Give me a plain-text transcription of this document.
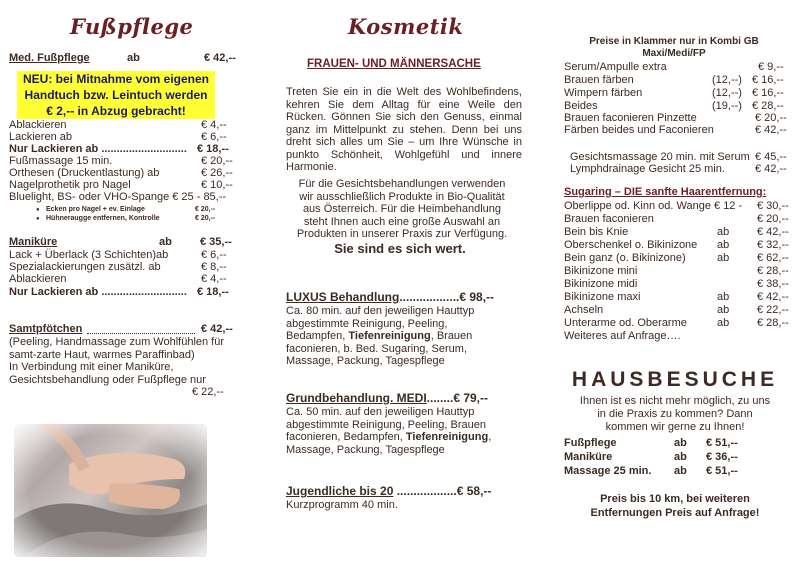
Fußpflege
Med. Fußpflege	ab	€ 42,--
NEU: bei Mitnahme vom eigenen
Handtuch bzw. Leintuch werden
€ 2,-- in Abzug gebracht!
Ablackieren	€ 4,--
Lackieren ab	€ 6,--
Nur Lackieren ab ............................ € 18,--
Fußmassage 15 min.	€ 20,--
Orthesen (Druckentlastung) ab	€ 26,--
Nagelprothetik pro Nagel	€ 10,--
Bluelight, BS- oder VHO-Spange € 25 - 85,--
● Ecken pro Nagel + ev. Einlage	€ 20,--
● Hühneraugge entfernen, Kontrolle	€ 20,--
Maniküre	ab	€ 35,--
Lack + Überlack (3 Schichten)ab	€ 6,--
Spezialackierungen zusätzl. ab	€ 8,--
Ablackieren	€ 4,--
Nur Lackieren ab ............................ € 18,--
Samtpfötchen	€ 42,--
(Peeling, Handmassage zum Wohlfühlen für
samt-zarte Haut, warmes Paraffinbad)
In Verbindung mit einer Maniküre,
Gesichtsbehandlung oder Fußpflege nur
€ 22,--
Kosmetik
FRAUEN- UND MÄNNERSACHE
Treten Sie ein in die Welt des Wohlbefindens, kehren Sie dem Alltag für eine Weile den Rücken. Gönnen Sie sich den Genuss, einmal ganz im Mittelpunkt zu stehen. Denn bei uns dreht sich alles um Sie – um Ihre Wünsche in punkto Schönheit, Wohlgefühl und innere Harmonie.
Für die Gesichtsbehandlungen verwenden
wir ausschließlich Produkte in Bio-Qualität
aus Österreich. Für die Heimbehandlung
steht Ihnen auch eine große Auswahl an
Produkten in unserer Praxis zur Verfügung.
Sie sind es sich wert.
LUXUS Behandlung..................€ 98,--
Ca. 80 min. auf den jeweiligen Hauttyp
abgestimmte Reinigung, Peeling,
Bedampfen, Tiefenreinigung, Brauen
faconieren, b. Bed. Sugaring, Serum,
Massage, Packung, Tagespflege
Grundbehandlung. MEDI........€ 79,--
Ca. 50 min. auf den jeweiligen Hauttyp
abgestimmte Reinigung, Peeling, Brauen
faconieren, Bedampfen, Tiefenreinigung,
Massage, Packung, Tagespflege
Jugendliche bis 20 ..................€ 58,--
Kurzprogramm 40 min.
Preise in Klammer nur in Kombi GB
Maxi/Medi/FP
Serum/Ampulle extra	€ 9,--
Brauen färben	(12,--) € 16,--
Wimpern färben	(12,--) € 16,--
Beides	(19,--) € 28,--
Brauen faconieren Pinzette	€ 20,--
Färben beides und Faconieren	€ 42,--
Gesichtsmassage 20 min. mit Serum € 45,--
Lymphdrainage Gesicht 25 min.	€ 42,--
Sugaring – DIE sanfte Haarentfernung:
Oberlippe od. Kinn od. Wange € 12 - € 30,--
Brauen faconieren	€ 20,--
Bein bis Knie	ab	€ 42,--
Oberschenkel o. Bikinizone ab	€ 32,--
Bein ganz (o. Bikinizone)	ab	€ 62,--
Bikinizone mini	€ 28,--
Bikinizone midi	€ 38,--
Bikinizone maxi	ab	€ 42,--
Achseln	ab	€ 22,--
Unterarme od. Oberarme	ab	€ 28,--
Weiteres auf Anfrage….
HAUSBESUCHE
Ihnen ist es nicht mehr möglich, zu uns
in die Praxis zu kommen? Dann
kommen wir gerne zu Ihnen!
Fußpflege	ab € 51,--
Maniküre	ab € 36,--
Massage 25 min. ab € 51,--
Preis bis 10 km, bei weiteren
Entfernungen Preis auf Anfrage!
